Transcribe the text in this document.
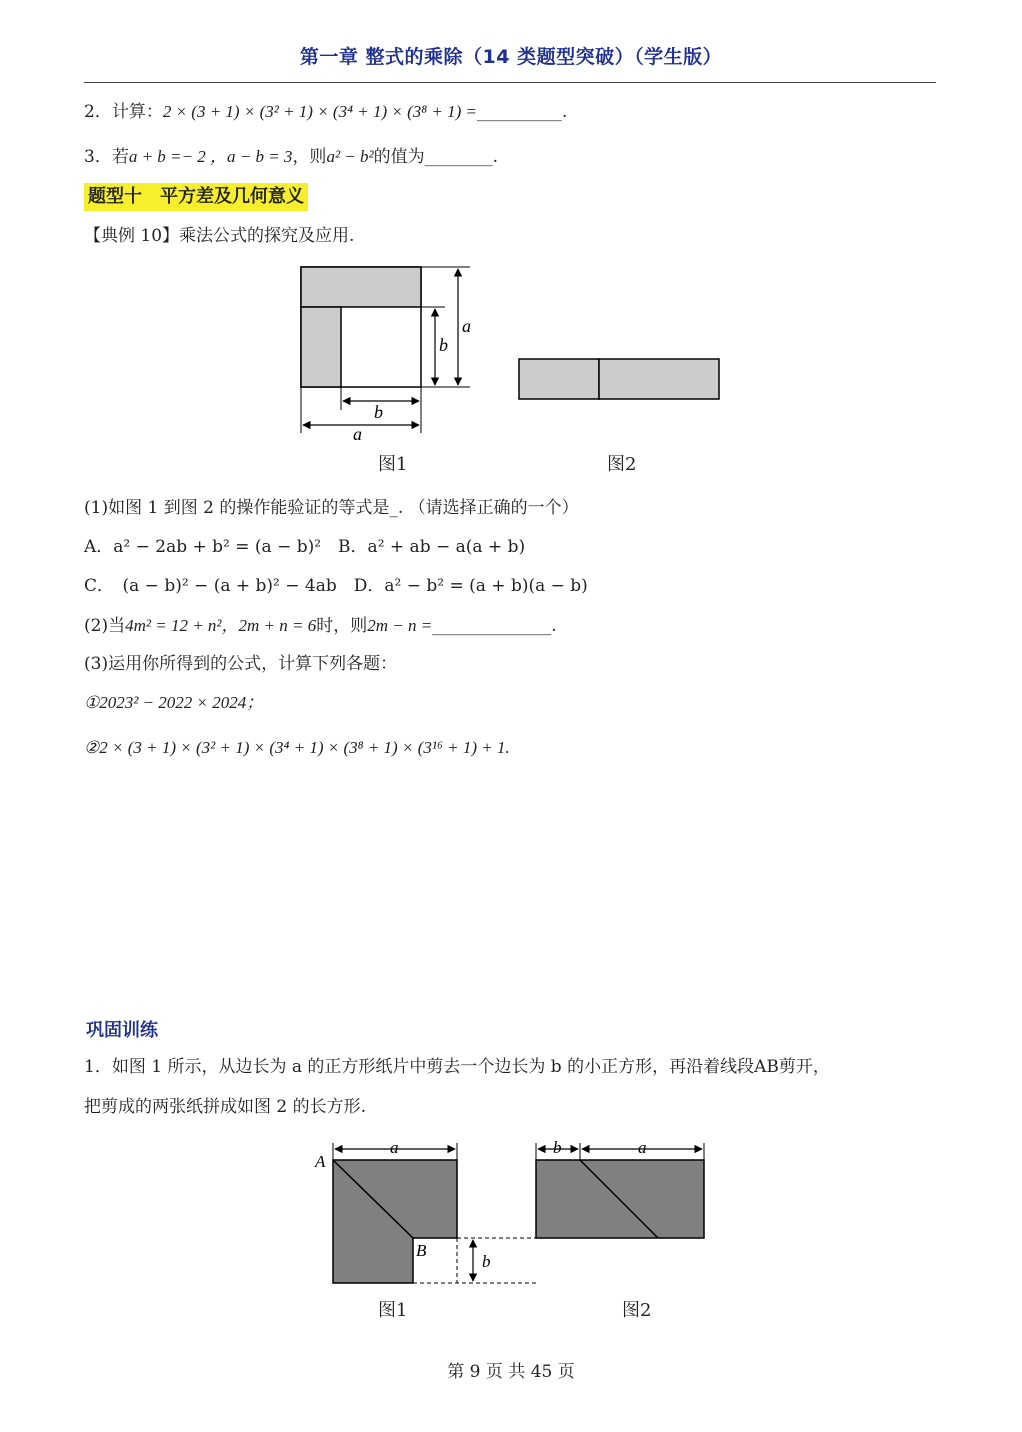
第一章 整式的乘除（14 类题型突破）（学生版）
2．计算：2 × (3 + 1) × (3² + 1) × (3⁴ + 1) × (3⁸ + 1) =__________.
3．若a + b =− 2 ，a − b = 3，则a² − b²的值为________.
题型十　平方差及几何意义
【典例 10】乘法公式的探究及应用.
a
b
b
a
图1	图2
(1)如图 1 到图 2 的操作能验证的等式是_. （请选择正确的一个）
A．a² − 2ab + b² = (a − b)²　B．a² + ab − a(a + b)
C．　(a − b)² − (a + b)² − 4ab　D．a² − b² = (a + b)(a − b)
(2)当4m² = 12 + n²，2m + n = 6时，则2m − n =______________.
(3)运用你所得到的公式，计算下列各题：
①2023² − 2022 × 2024；
②2 × (3 + 1) × (3² + 1) × (3⁴ + 1) × (3⁸ + 1) × (3¹⁶ + 1) + 1.
巩固训练
1．如图 1 所示，从边长为 a 的正方形纸片中剪去一个边长为 b 的小正方形，再沿着线段AB剪开，
把剪成的两张纸拼成如图 2 的长方形.
b
A
B
a	b	a
图1	图2
第 9 页 共 45 页
